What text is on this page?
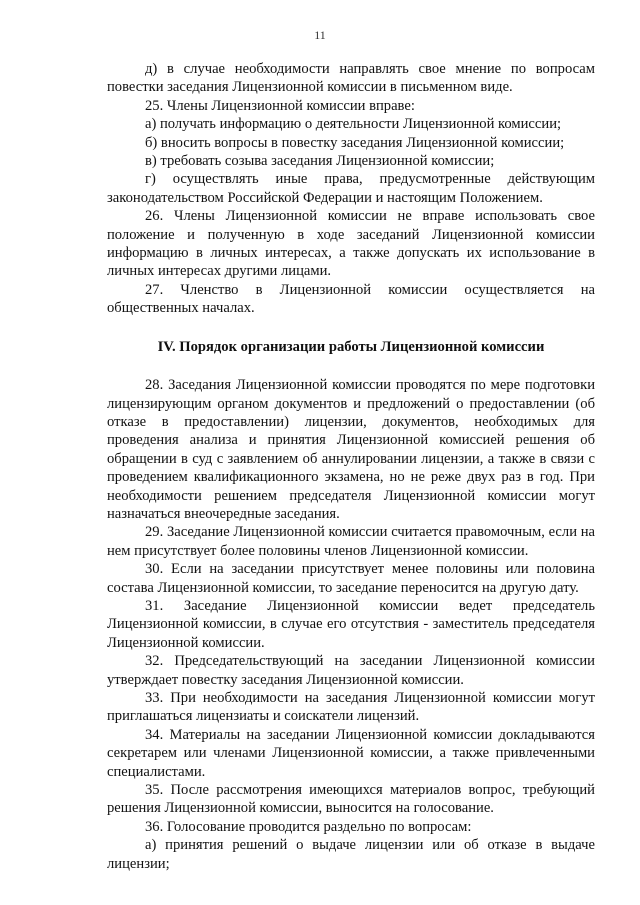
11

д) в случае необходимости направлять свое мнение по вопросам повестки заседания Лицензионной комиссии в письменном виде.

25. Члены Лицензионной комиссии вправе:

а) получать информацию о деятельности Лицензионной комиссии;

б) вносить вопросы в повестку заседания Лицензионной комиссии;

в) требовать созыва заседания Лицензионной комиссии;

г) осуществлять иные права, предусмотренные действующим законодательством Российской Федерации и настоящим Положением.

26. Члены Лицензионной комиссии не вправе использовать свое положение и полученную в ходе заседаний Лицензионной комиссии информацию в личных интересах, а также допускать их использование в личных интересах другими лицами.

27. Членство в Лицензионной комиссии осуществляется на общественных началах.

IV. Порядок организации работы Лицензионной комиссии

28. Заседания Лицензионной комиссии проводятся по мере подготовки лицензирующим органом документов и предложений о предоставлении (об отказе в предоставлении) лицензии, документов, необходимых для проведения анализа и принятия Лицензионной комиссией решения об обращении в суд с заявлением об аннулировании лицензии, а также в связи с проведением квалификационного экзамена, но не реже двух раз в год. При необходимости решением председателя Лицензионной комиссии могут назначаться внеочередные заседания.

29. Заседание Лицензионной комиссии считается правомочным, если на нем присутствует более половины членов Лицензионной комиссии.

30. Если на заседании присутствует менее половины или половина состава Лицензионной комиссии, то заседание переносится на другую дату.

31. Заседание Лицензионной комиссии ведет председатель Лицензионной комиссии, в случае его отсутствия - заместитель председателя Лицензионной комиссии.

32. Председательствующий на заседании Лицензионной комиссии утверждает повестку заседания Лицензионной комиссии.

33. При необходимости на заседания Лицензионной комиссии могут приглашаться лицензиаты и соискатели лицензий.

34. Материалы на заседании Лицензионной комиссии докладываются секретарем или членами Лицензионной комиссии, а также привлеченными специалистами.

35. После рассмотрения имеющихся материалов вопрос, требующий решения Лицензионной комиссии, выносится на голосование.

36. Голосование проводится раздельно по вопросам:

а) принятия решений о выдаче лицензии или об отказе в выдаче лицензии;
